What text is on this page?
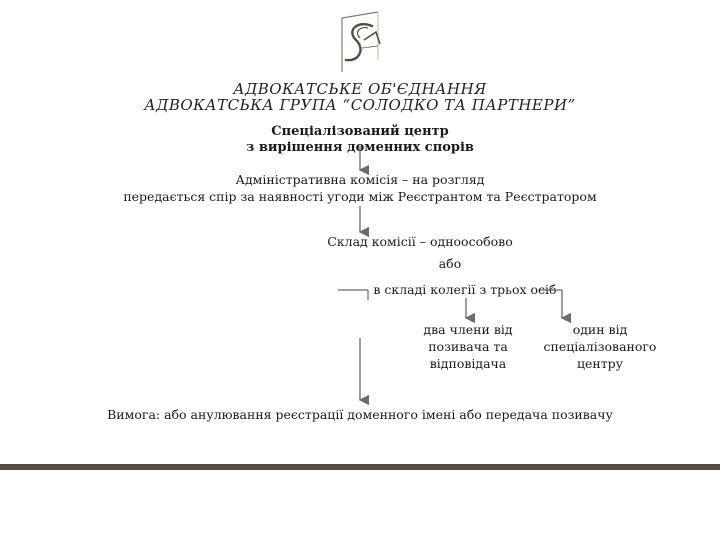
АДВОКАТСЬКЕ ОБ'ЄДНАННЯ
АДВОКАТСЬКА ГРУПА “СОЛОДКО ТА ПАРТНЕРИ”
Спеціалізований центр
з вирішення доменних спорів
Адміністративна комісія – на розгляд
передається спір за наявності угоди між Реєстрантом та Реєстратором
Склад комісії – одноособово
або
в складі колегії з трьох осіб
два члени від
позивача та
відповідача
один від
спеціалізованого
центру
Вимога: або анулювання реєстрації доменного імені або передача позивачу
